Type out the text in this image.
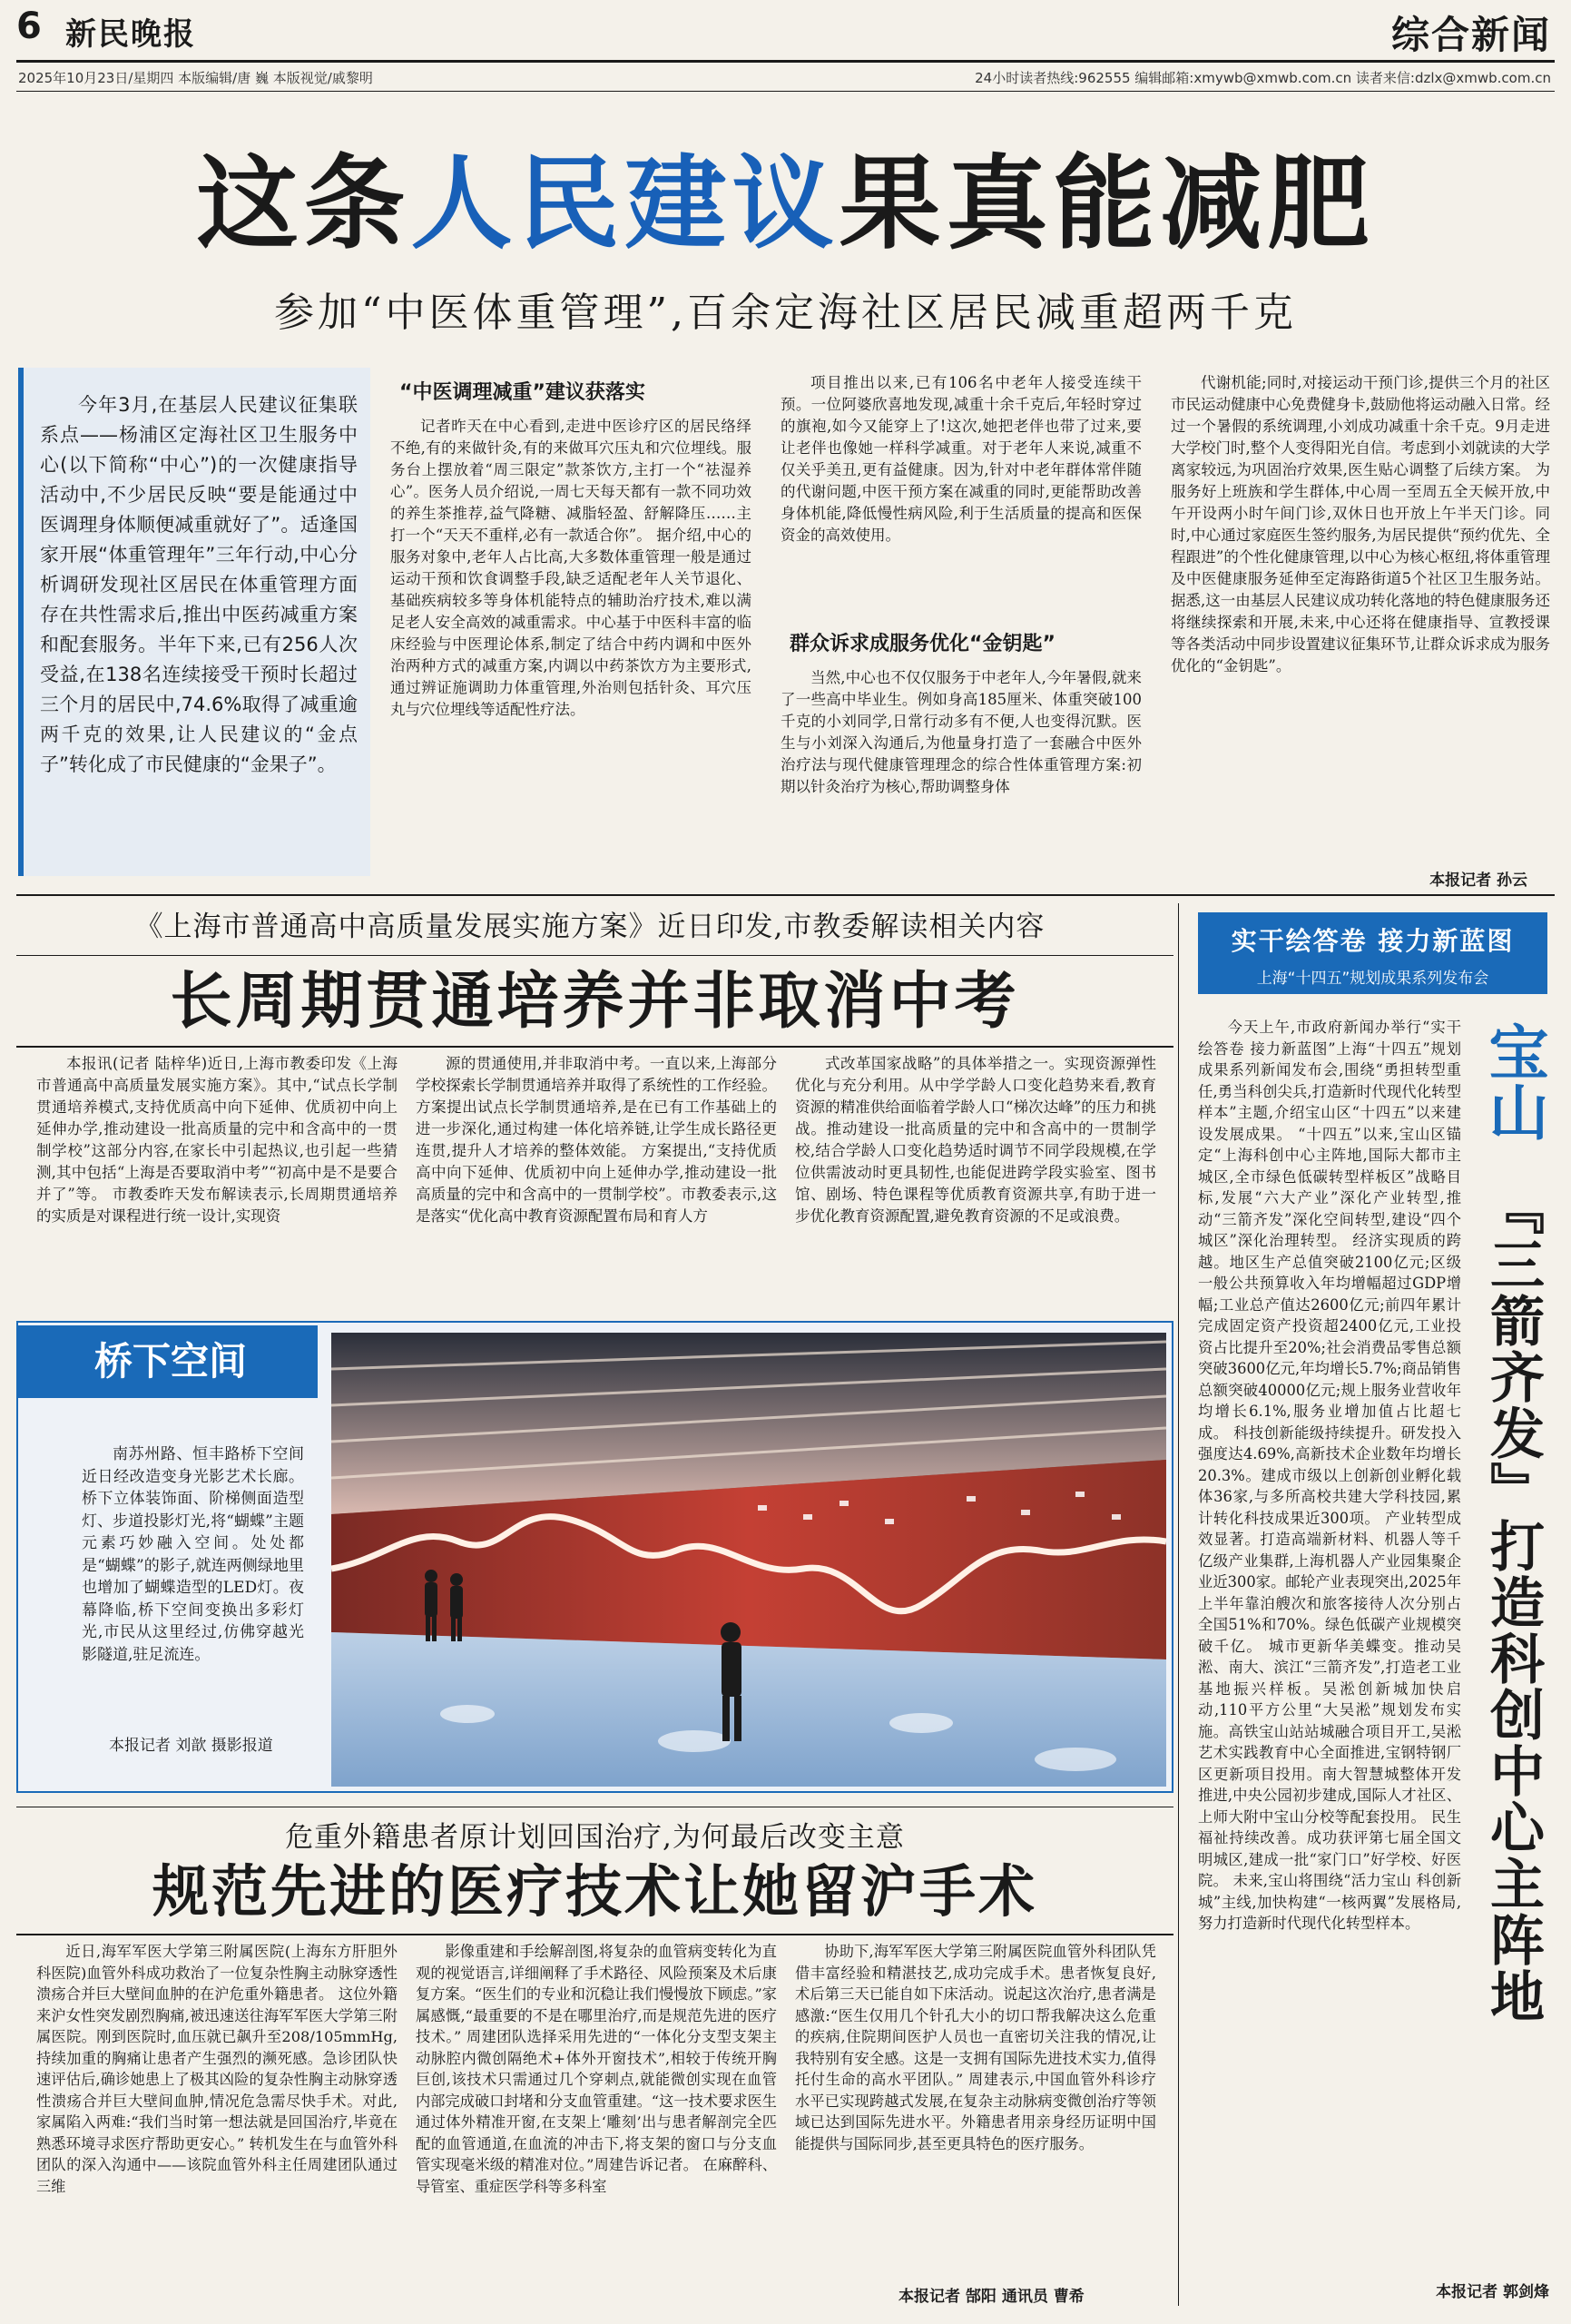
6 新民晚报	综合新闻
2025年10月23日/星期四 本版编辑/唐 巍 本版视觉/戚黎明	24小时读者热线:962555 编辑邮箱:xmywb@xmwb.com.cn 读者来信:dzlx@xmwb.com.cn
这条人民建议果真能减肥
参加“中医体重管理”,百余定海社区居民减重超两千克

今年3月,在基层人民建议征集联系点——杨浦区定海社区卫生服务中心(以下简称“中心”)的一次健康指导活动中,不少居民反映“要是能通过中医调理身体顺便减重就好了”。适逢国家开展“体重管理年”三年行动,中心分析调研发现社区居民在体重管理方面存在共性需求后,推出中医药减重方案和配套服务。半年下来,已有256人次受益,在138名连续接受干预时长超过三个月的居民中,74.6%取得了减重逾两千克的效果,让人民建议的“金点子”转化成了市民健康的“金果子”。

“中医调理减重”建议获落实

记者昨天在中心看到,走进中医诊疗区的居民络绎不绝,有的来做针灸,有的来做耳穴压丸和穴位埋线。服务台上摆放着“周三限定”款茶饮方,主打一个“祛湿养心”。医务人员介绍说,一周七天每天都有一款不同功效的养生茶推荐,益气降糖、减脂轻盈、舒解降压……主打一个“天天不重样,必有一款适合你”。 据介绍,中心的服务对象中,老年人占比高,大多数体重管理一般是通过运动干预和饮食调整手段,缺乏适配老年人关节退化、基础疾病较多等身体机能特点的辅助治疗技术,难以满足老人安全高效的减重需求。中心基于中医科丰富的临床经验与中医理论体系,制定了结合中药内调和中医外治两种方式的减重方案,内调以中药茶饮方为主要形式,通过辨证施调助力体重管理,外治则包括针灸、耳穴压丸与穴位埋线等适配性疗法。

项目推出以来,已有106名中老年人接受连续干预。一位阿婆欣喜地发现,减重十余千克后,年轻时穿过的旗袍,如今又能穿上了!这次,她把老伴也带了过来,要让老伴也像她一样科学减重。对于老年人来说,减重不仅关乎美丑,更有益健康。因为,针对中老年群体常伴随的代谢问题,中医干预方案在减重的同时,更能帮助改善身体机能,降低慢性病风险,利于生活质量的提高和医保资金的高效使用。

群众诉求成服务优化“金钥匙”

当然,中心也不仅仅服务于中老年人,今年暑假,就来了一些高中毕业生。例如身高185厘米、体重突破100千克的小刘同学,日常行动多有不便,人也变得沉默。医生与小刘深入沟通后,为他量身打造了一套融合中医外治疗法与现代健康管理理念的综合性体重管理方案:初期以针灸治疗为核心,帮助调整身体

代谢机能;同时,对接运动干预门诊,提供三个月的社区市民运动健康中心免费健身卡,鼓励他将运动融入日常。经过一个暑假的系统调理,小刘成功减重十余千克。9月走进大学校门时,整个人变得阳光自信。考虑到小刘就读的大学离家较远,为巩固治疗效果,医生贴心调整了后续方案。 为服务好上班族和学生群体,中心周一至周五全天候开放,中午开设两小时午间门诊,双休日也开放上午半天门诊。同时,中心通过家庭医生签约服务,为居民提供“预约优先、全程跟进”的个性化健康管理,以中心为核心枢纽,将体重管理及中医健康服务延伸至定海路街道5个社区卫生服务站。 据悉,这一由基层人民建议成功转化落地的特色健康服务还将继续探索和开展,未来,中心还将在健康指导、宣教授课等各类活动中同步设置建议征集环节,让群众诉求成为服务优化的“金钥匙”。

本报记者 孙云
《上海市普通高中高质量发展实施方案》近日印发,市教委解读相关内容
长周期贯通培养并非取消中考

本报讯(记者 陆梓华)近日,上海市教委印发《上海市普通高中高质量发展实施方案》。其中,“试点长学制贯通培养模式,支持优质高中向下延伸、优质初中向上延伸办学,推动建设一批高质量的完中和含高中的一贯制学校”这部分内容,在家长中引起热议,也引起一些猜测,其中包括“上海是否要取消中考”“初高中是不是要合并了”等。 市教委昨天发布解读表示,长周期贯通培养的实质是对课程进行统一设计,实现资

源的贯通使用,并非取消中考。一直以来,上海部分学校探索长学制贯通培养并取得了系统性的工作经验。方案提出试点长学制贯通培养,是在已有工作基础上的进一步深化,通过构建一体化培养链,让学生成长路径更连贯,提升人才培养的整体效能。 方案提出,“支持优质高中向下延伸、优质初中向上延伸办学,推动建设一批高质量的完中和含高中的一贯制学校”。市教委表示,这是落实“优化高中教育资源配置布局和育人方

式改革国家战略”的具体举措之一。实现资源弹性优化与充分利用。从中学学龄人口变化趋势来看,教育资源的精准供给面临着学龄人口“梯次达峰”的压力和挑战。推动建设一批高质量的完中和含高中的一贯制学校,结合学龄人口变化趋势适时调节不同学段规模,在学位供需波动时更具韧性,也能促进跨学段实验室、图书馆、剧场、特色课程等优质教育资源共享,有助于进一步优化教育资源配置,避免教育资源的不足或浪费。

桥下空间

南苏州路、恒丰路桥下空间近日经改造变身光影艺术长廊。桥下立体装饰面、阶梯侧面造型灯、步道投影灯光,将“蝴蝶”主题元素巧妙融入空间。处处都是“蝴蝶”的影子,就连两侧绿地里也增加了蝴蝶造型的LED灯。夜幕降临,桥下空间变换出多彩灯光,市民从这里经过,仿佛穿越光影隧道,驻足流连。

本报记者 刘歆 摄影报道
危重外籍患者原计划回国治疗,为何最后改变主意
规范先进的医疗技术让她留沪手术

近日,海军军医大学第三附属医院(上海东方肝胆外科医院)血管外科成功救治了一位复杂性胸主动脉穿透性溃疡合并巨大壁间血肿的在沪危重外籍患者。 这位外籍来沪女性突发剧烈胸痛,被迅速送往海军军医大学第三附属医院。刚到医院时,血压就已飙升至208/105mmHg,持续加重的胸痛让患者产生强烈的濒死感。急诊团队快速评估后,确诊她患上了极其凶险的复杂性胸主动脉穿透性溃疡合并巨大壁间血肿,情况危急需尽快手术。对此,家属陷入两难:“我们当时第一想法就是回国治疗,毕竟在熟悉环境寻求医疗帮助更安心。” 转机发生在与血管外科团队的深入沟通中——该院血管外科主任周建团队通过三维

影像重建和手绘解剖图,将复杂的血管病变转化为直观的视觉语言,详细阐释了手术路径、风险预案及术后康复方案。“医生们的专业和沉稳让我们慢慢放下顾虑。”家属感慨,“最重要的不是在哪里治疗,而是规范先进的医疗技术。” 周建团队选择采用先进的“一体化分支型支架主动脉腔内微创隔绝术+体外开窗技术”,相较于传统开胸巨创,该技术只需通过几个穿刺点,就能微创实现在血管内部完成破口封堵和分支血管重建。“这一技术要求医生通过体外精准开窗,在支架上‘雕刻’出与患者解剖完全匹配的血管通道,在血流的冲击下,将支架的窗口与分支血管实现毫米级的精准对位。”周建告诉记者。 在麻醉科、导管室、重症医学科等多科室

协助下,海军军医大学第三附属医院血管外科团队凭借丰富经验和精湛技艺,成功完成手术。患者恢复良好,术后第三天已能自如下床活动。说起这次治疗,患者满是感激:“医生仅用几个针孔大小的切口帮我解决这么危重的疾病,住院期间医护人员也一直密切关注我的情况,让我特别有安全感。这是一支拥有国际先进技术实力,值得托付生命的高水平团队。” 周建表示,中国血管外科诊疗水平已实现跨越式发展,在复杂主动脉病变微创治疗等领域已达到国际先进水平。外籍患者用亲身经历证明中国能提供与国际同步,甚至更具特色的医疗服务。

本报记者 郜阳 通讯员 曹希
实干绘答卷 接力新蓝图
上海“十四五”规划成果系列发布会

今天上午,市政府新闻办举行“实干绘答卷 接力新蓝图”上海“十四五”规划成果系列新闻发布会,围绕“勇担转型重任,勇当科创尖兵,打造新时代现代化转型样本”主题,介绍宝山区“十四五”以来建设发展成果。 “十四五”以来,宝山区锚定“上海科创中心主阵地,国际大都市主城区,全市绿色低碳转型样板区”战略目标,发展“六大产业”深化产业转型,推动“三箭齐发”深化空间转型,建设“四个城区”深化治理转型。 经济实现质的跨越。地区生产总值突破2100亿元;区级一般公共预算收入年均增幅超过GDP增幅;工业总产值达2600亿元;前四年累计完成固定资产投资超2400亿元,工业投资占比提升至20%;社会消费品零售总额突破3600亿元,年均增长5.7%;商品销售总额突破40000亿元;规上服务业营收年均增长6.1%,服务业增加值占比超七成。 科技创新能级持续提升。研发投入强度达4.69%,高新技术企业数年均增长20.3%。建成市级以上创新创业孵化载体36家,与多所高校共建大学科技园,累计转化科技成果近300项。 产业转型成效显著。打造高端新材料、机器人等千亿级产业集群,上海机器人产业园集聚企业近300家。邮轮产业表现突出,2025年上半年靠泊艘次和旅客接待人次分别占全国51%和70%。绿色低碳产业规模突破千亿。 城市更新华美蝶变。推动吴淞、南大、滨江“三箭齐发”,打造老工业基地振兴样板。吴淞创新城加快启动,110平方公里“大吴淞”规划发布实施。高铁宝山站站城融合项目开工,吴淞艺术实践教育中心全面推进,宝钢特钢厂区更新项目投用。南大智慧城整体开发推进,中央公园初步建成,国际人才社区、上师大附中宝山分校等配套投用。 民生福祉持续改善。成功获评第七届全国文明城区,建成一批“家门口”好学校、好医院。 未来,宝山将围绕“活力宝山 科创新城”主线,加快构建“一核两翼”发展格局,努力打造新时代现代化转型样本。

宝山
『三箭齐发』打造科创中心主阵地
本报记者 郭剑烽
